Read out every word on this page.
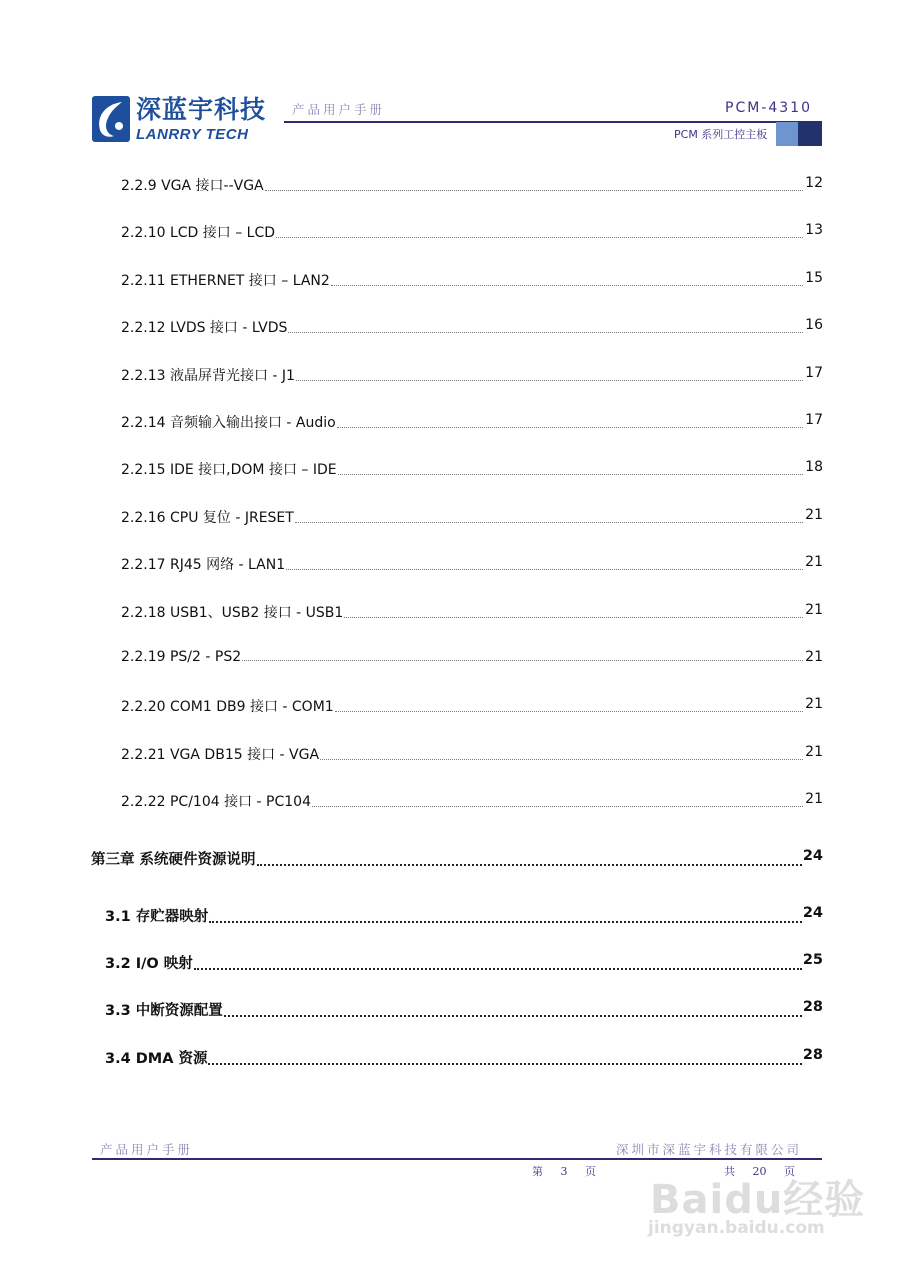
深蓝宇科技
LANRRY TECH
产品用户手册	PCM-4310
PCM 系列工控主板
2.2.9 VGA 接口--VGA	12
2.2.10 LCD 接口 – LCD	13
2.2.11 ETHERNET 接口 – LAN2	15
2.2.12 LVDS 接口 - LVDS	16
2.2.13 液晶屏背光接口 - J1	17
2.2.14 音频输入输出接口 - Audio	17
2.2.15 IDE 接口,DOM 接口 – IDE	18
2.2.16 CPU 复位 - JRESET	21
2.2.17 RJ45 网络 - LAN1	21
2.2.18 USB1、USB2 接口 - USB1	21
2.2.19 PS/2 - PS2	21
2.2.20 COM1 DB9 接口 - COM1	21
2.2.21 VGA DB15 接口 - VGA	21
2.2.22 PC/104 接口 - PC104	21
第三章 系统硬件资源说明	24
3.1 存贮器映射	24
3.2 I/O 映射	25
3.3 中断资源配置	28
3.4 DMA 资源	28
产品用户手册	深圳市深蓝宇科技有限公司
第 3 页	共 20 页
Baidu经验
jingyan.baidu.com
